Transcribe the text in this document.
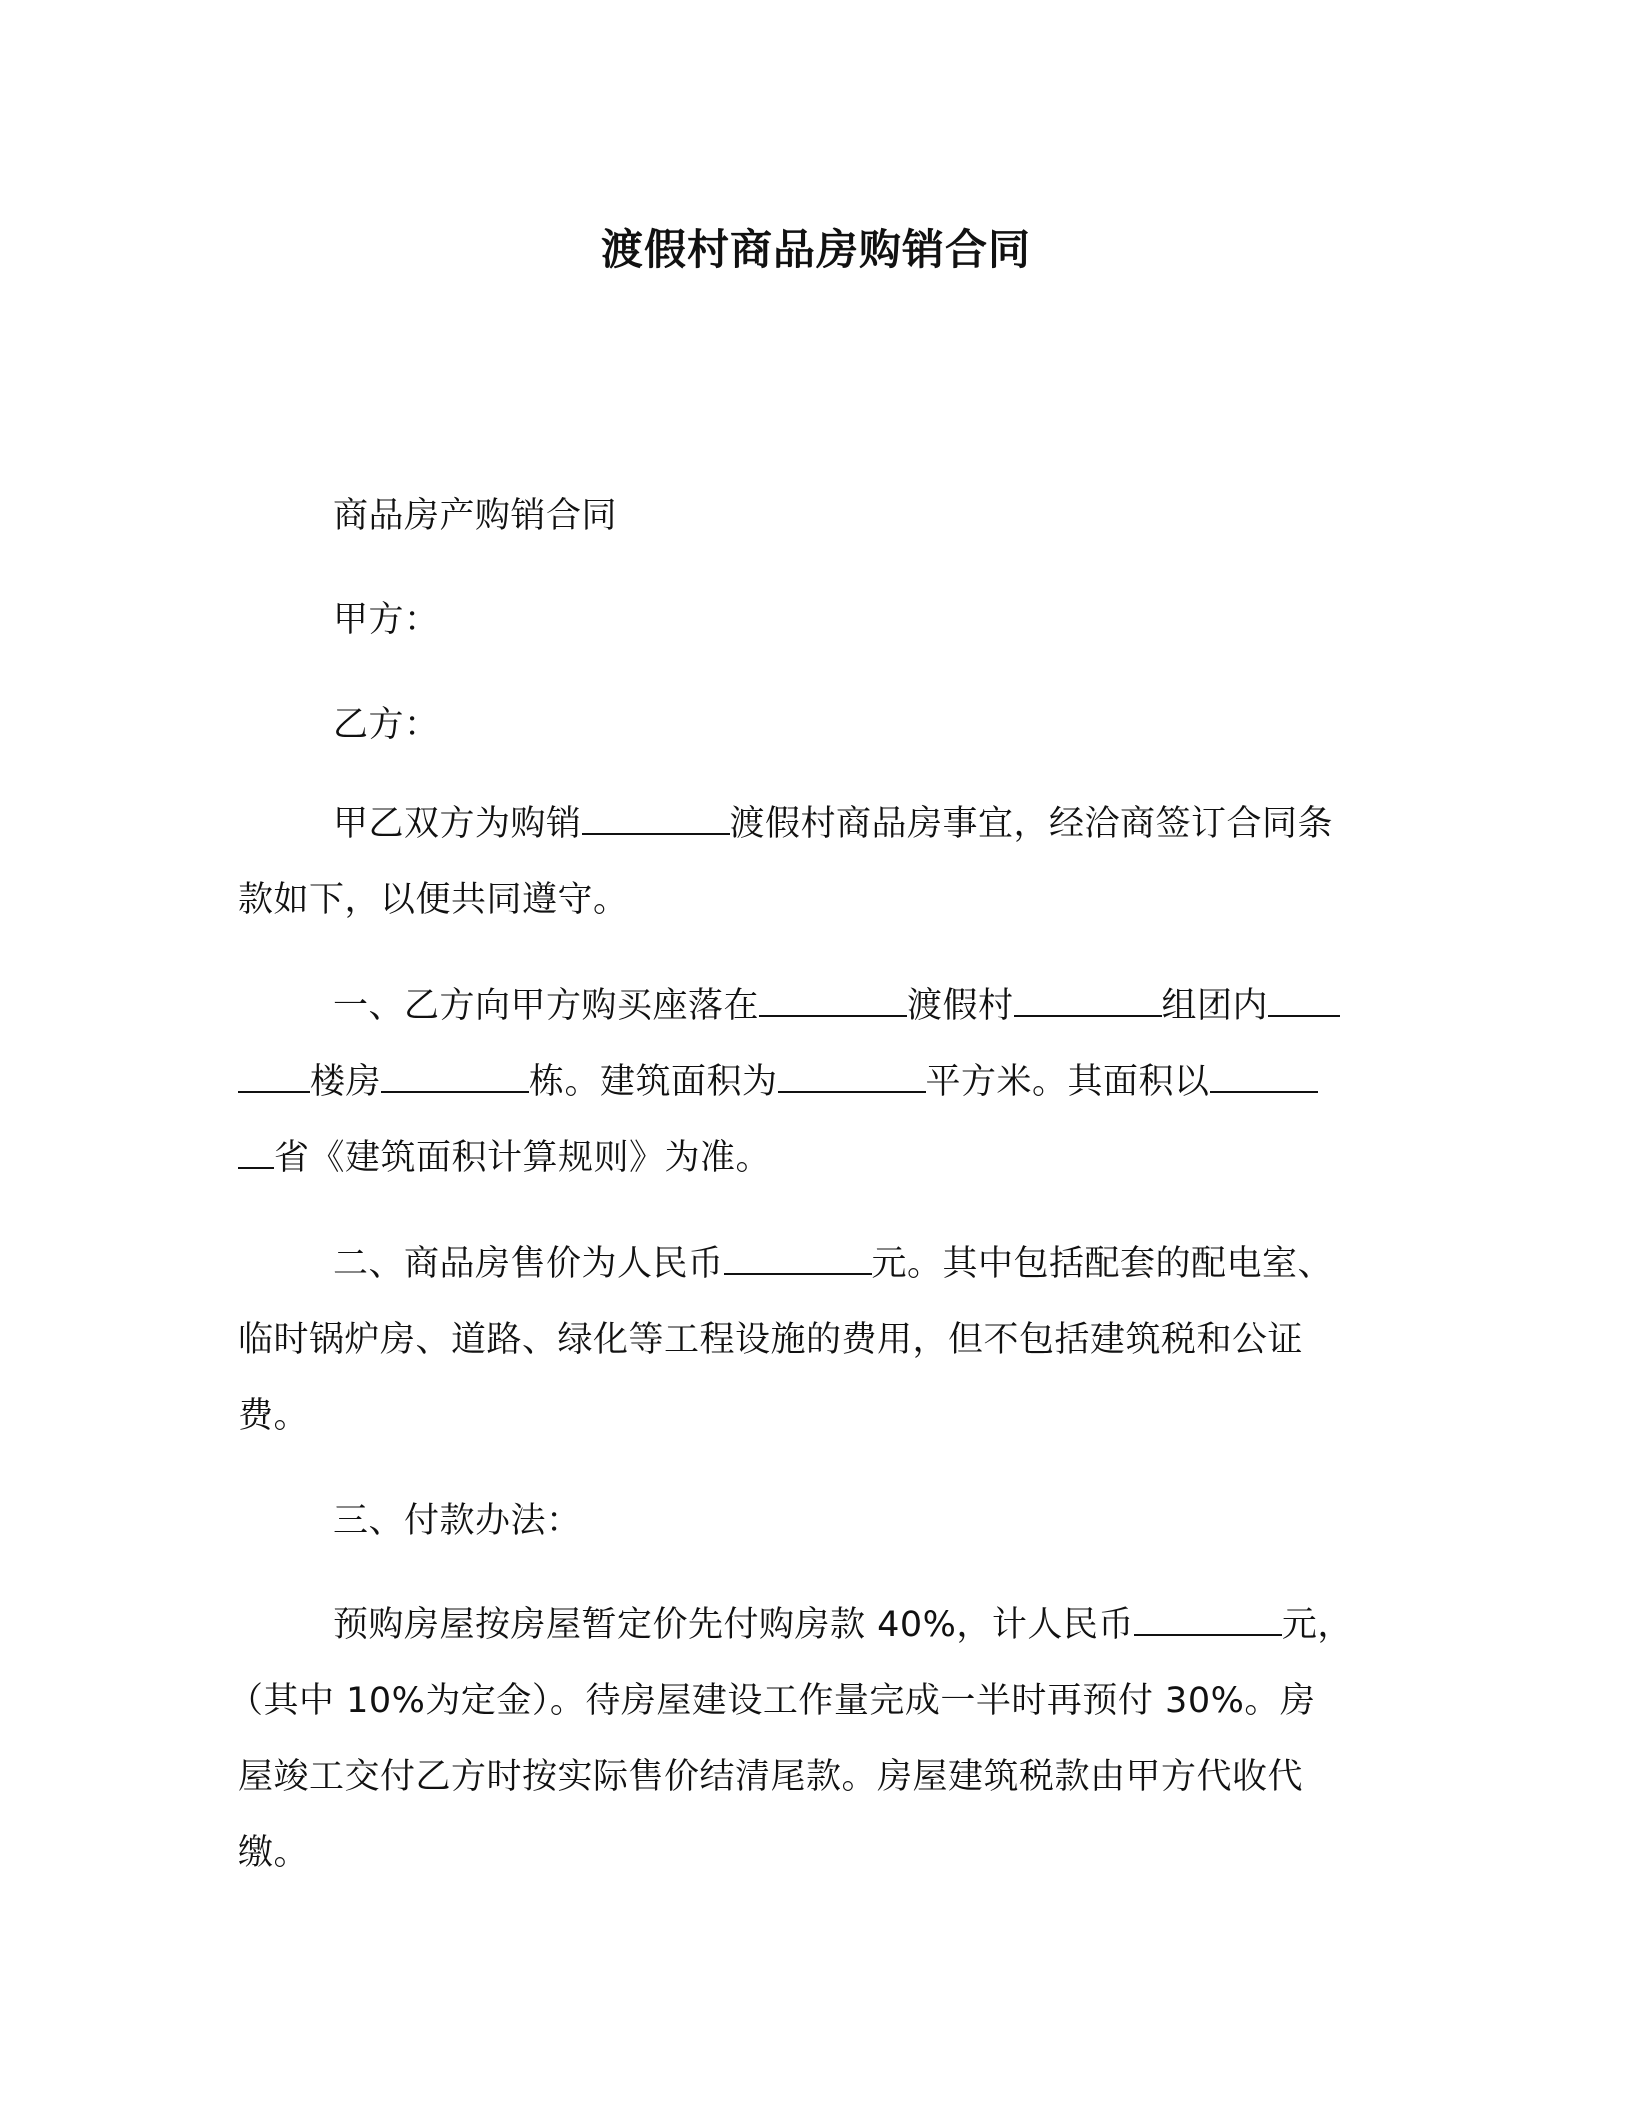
渡假村商品房购销合同
商品房产购销合同
甲方：
乙方：
甲乙双方为购销	渡假村商品房事宜，经洽商签订合同条
款如下，以便共同遵守。
一、乙方向甲方购买座落在	渡假村	组团内
楼房	栋。建筑面积为	平方米。其面积以
省《建筑面积计算规则》为准。
二、商品房售价为人民币	元。其中包括配套的配电室、
临时锅炉房、道路、绿化等工程设施的费用，但不包括建筑税和公证
费。
三、付款办法：
预购房屋按房屋暂定价先付购房款 40%，计人民币	元，
（其中 10%为定金）。待房屋建设工作量完成一半时再预付 30%。房
屋竣工交付乙方时按实际售价结清尾款。房屋建筑税款由甲方代收代
缴。
